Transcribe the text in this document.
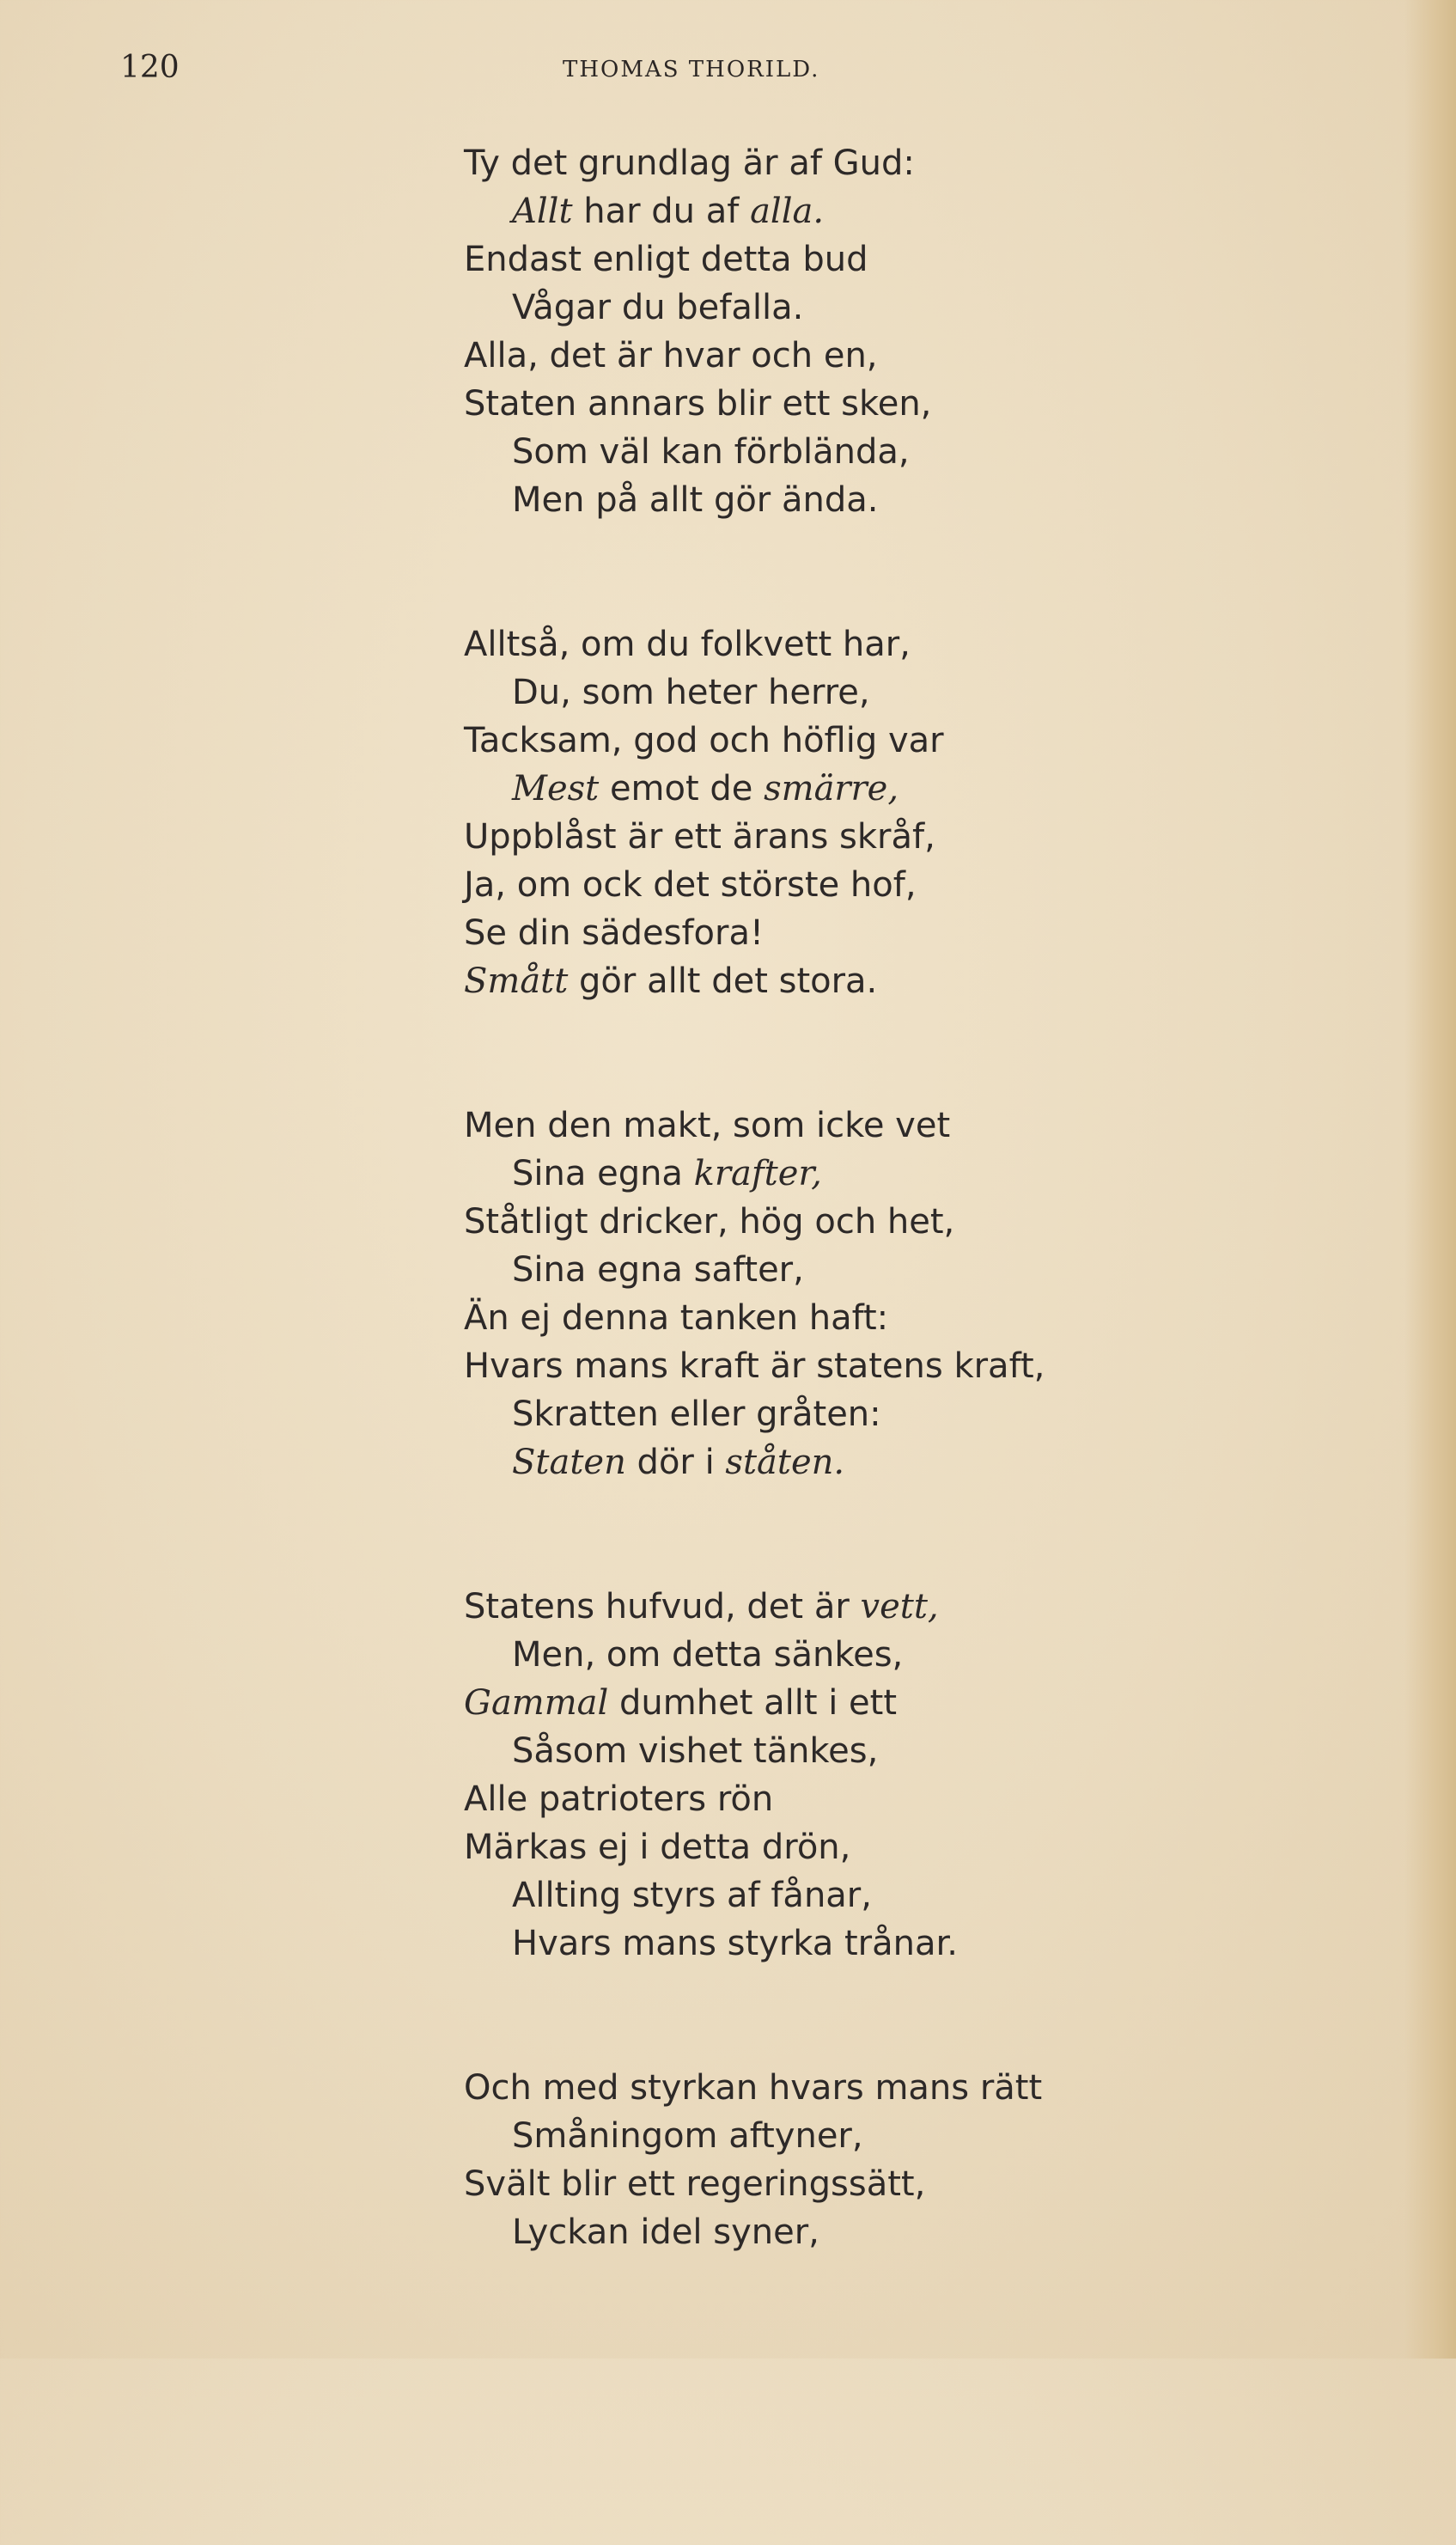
120	THOMAS THORILD.
Ty det grundlag är af Gud:
Allt har du af alla.
Endast enligt detta bud
Vågar du befalla.
Alla, det är hvar och en,
Staten annars blir ett sken,
Som väl kan förblända,
Men på allt gör ända.
Alltså, om du folkvett har,
Du, som heter herre,
Tacksam, god och höflig var
Mest emot de smärre,
Uppblåst är ett ärans skråf,
Ja, om ock det störste hof,
Se din sädesfora!
Smått gör allt det stora.
Men den makt, som icke vet
Sina egna krafter,
Ståtligt dricker, hög och het,
Sina egna safter,
Än ej denna tanken haft:
Hvars mans kraft är statens kraft,
Skratten eller gråten:
Staten dör i ståten.
Statens hufvud, det är vett,
Men, om detta sänkes,
Gammal dumhet allt i ett
Såsom vishet tänkes,
Alle patrioters rön
Märkas ej i detta drön,
Allting styrs af fånar,
Hvars mans styrka trånar.
Och med styrkan hvars mans rätt
Småningom aftyner,
Svält blir ett regeringssätt,
Lyckan idel syner,
